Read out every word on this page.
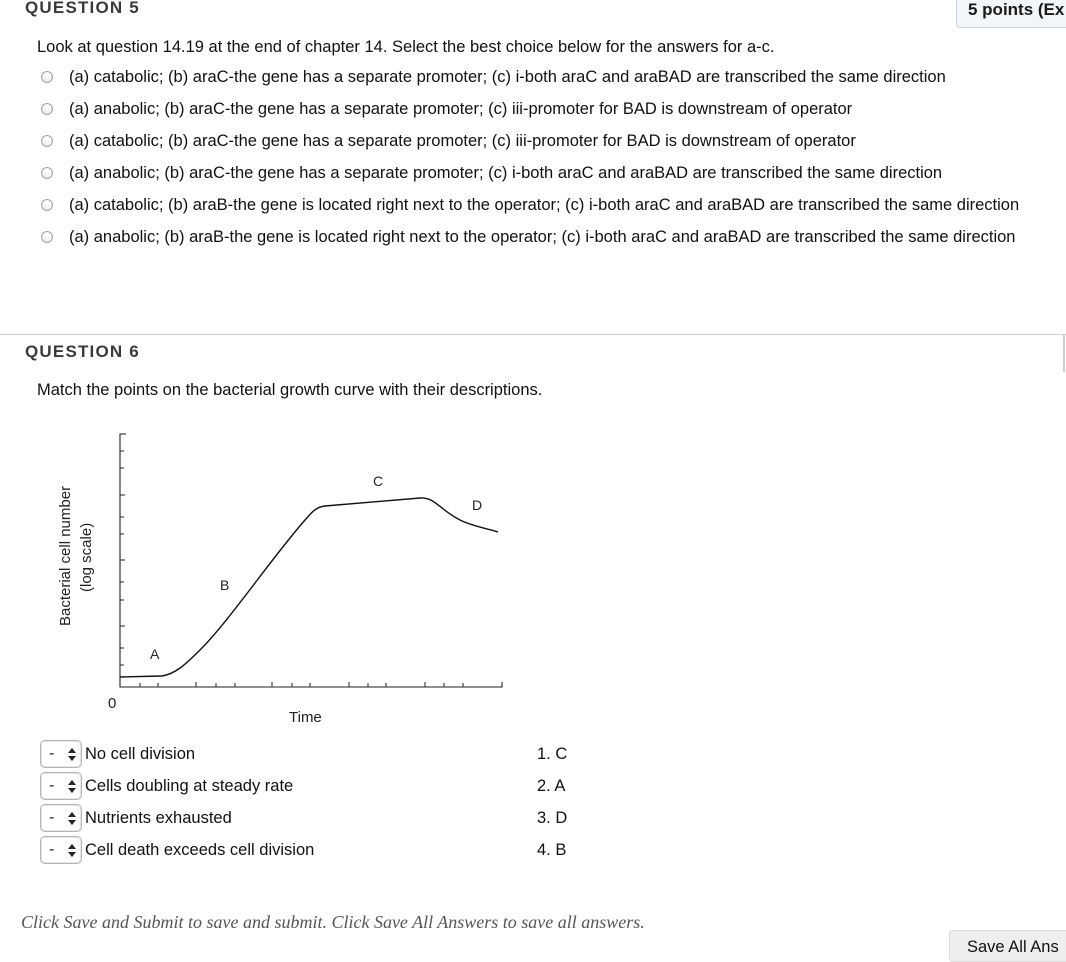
QUESTION 5	5 points (Ex
Look at question 14.19 at the end of chapter 14. Select the best choice below for the answers for a-c.
(a) catabolic; (b) araC-the gene has a separate promoter; (c) i-both araC and araBAD are transcribed the same direction
(a) anabolic; (b) araC-the gene has a separate promoter; (c) iii-promoter for BAD is downstream of operator
(a) catabolic; (b) araC-the gene has a separate promoter; (c) iii-promoter for BAD is downstream of operator
(a) anabolic; (b) araC-the gene has a separate promoter; (c) i-both araC and araBAD are transcribed the same direction
(a) catabolic; (b) araB-the gene is located right next to the operator; (c) i-both araC and araBAD are transcribed the same direction
(a) anabolic; (b) araB-the gene is located right next to the operator; (c) i-both araC and araBAD are transcribed the same direction
QUESTION 6
Match the points on the bacterial growth curve with their descriptions.
A
B
C
D
0
Time
Bacterial cell number (log scale)
- No cell division	1. C
- Cells doubling at steady rate	2. A
- Nutrients exhausted	3. D
- Cell death exceeds cell division	4. B
Click Save and Submit to save and submit. Click Save All Answers to save all answers.
Save All Ans
